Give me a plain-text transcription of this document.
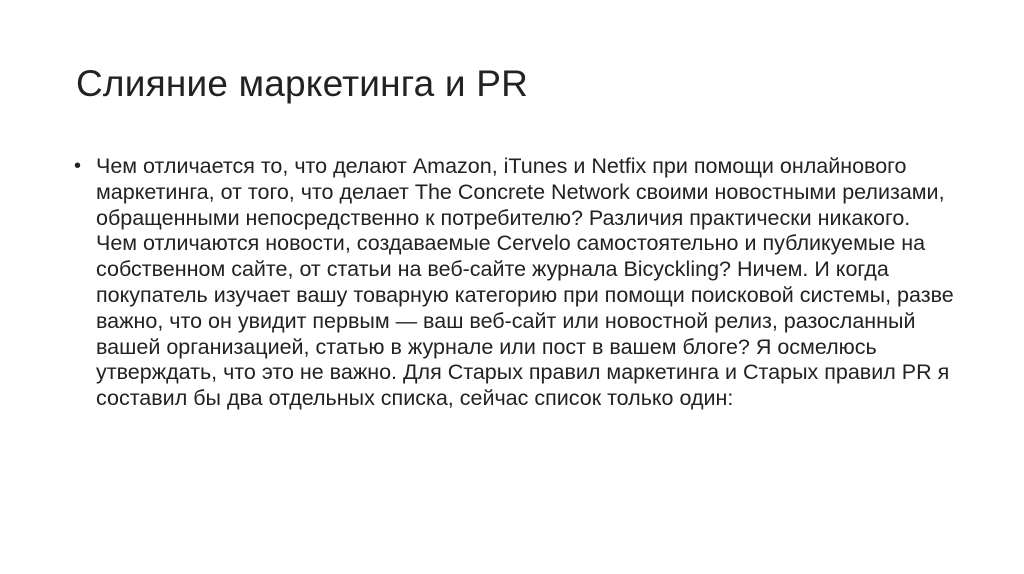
Слияние маркетинга и PR
• Чем отличается то, что делают Amazon, iTunes и Netfix при помощи онлайнового маркетинга, от того, что делает The Concrete Network своими новостными релизами, обращенными непосредственно к потребителю? Различия практически никакого. Чем отличаются новости, создаваемые Cervelo самостоятельно и публикуемые на собственном сайте, от статьи на веб-сайте журнала Bicyckling? Ничем. И когда покупатель изучает вашу товарную категорию при помощи поисковой системы, разве важно, что он увидит первым — ваш веб-сайт или новостной релиз, разосланный вашей организацией, статью в журнале или пост в вашем блоге? Я осмелюсь утверждать, что это не важно. Для Старых правил маркетинга и Старых правил PR я составил бы два отдельных списка, сейчас список только один:
